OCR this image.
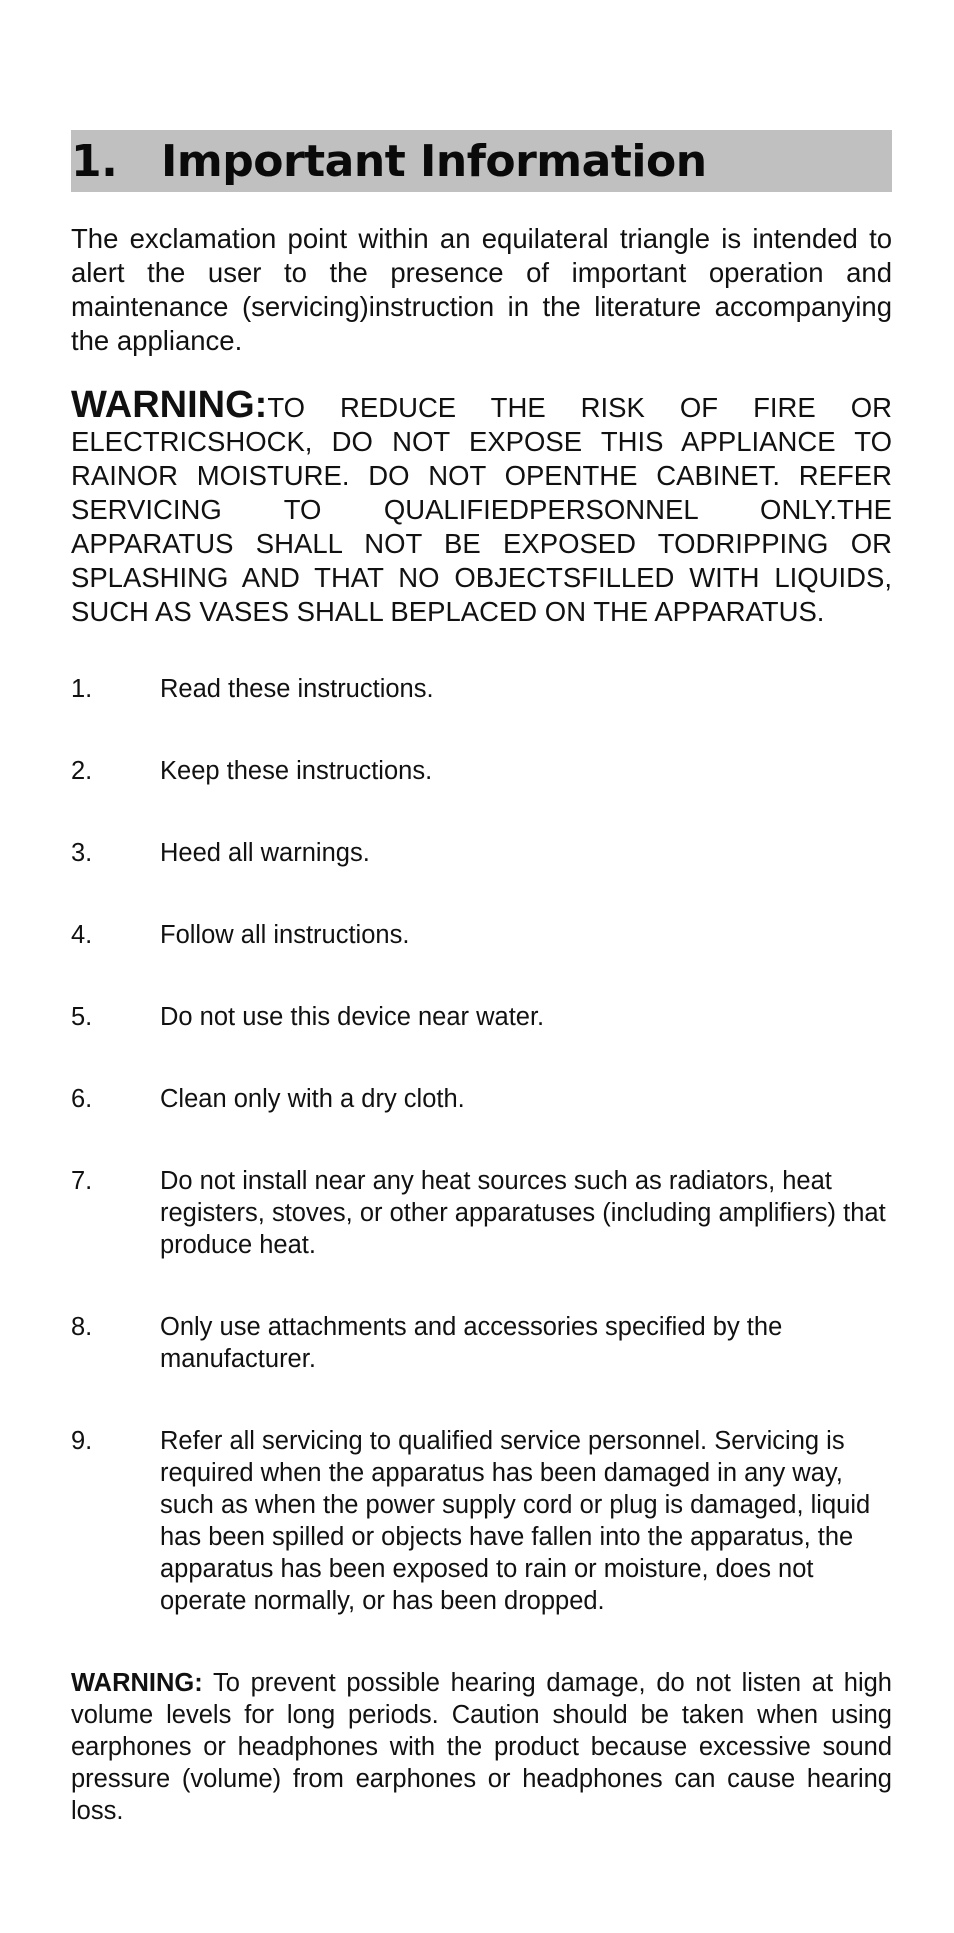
1. Important Information

The exclamation point within an equilateral triangle is intended to alert the user to the presence of important operation and maintenance (servicing)instruction in the literature accompanying the appliance.

WARNING:TO REDUCE THE RISK OF FIRE OR ELECTRICSHOCK, DO NOT EXPOSE THIS APPLIANCE TO RAINOR MOISTURE. DO NOT OPENTHE CABINET. REFER SERVICING TO QUALIFIEDPERSONNEL ONLY.THE APPARATUS SHALL NOT BE EXPOSED TODRIPPING OR SPLASHING AND THAT NO OBJECTSFILLED WITH LIQUIDS, SUCH AS VASES SHALL BEPLACED ON THE APPARATUS.

1.	Read these instructions.
2.	Keep these instructions.
3.	Heed all warnings.
4.	Follow all instructions.
5.	Do not use this device near water.
6.	Clean only with a dry cloth.
7.	Do not install near any heat sources such as radiators, heat registers, stoves, or other apparatuses (including amplifiers) that produce heat.
8.	Only use attachments and accessories specified by the manufacturer.
9.	Refer all servicing to qualified service personnel. Servicing is required when the apparatus has been damaged in any way, such as when the power supply cord or plug is damaged, liquid has been spilled or objects have fallen into the apparatus, the apparatus has been exposed to rain or moisture, does not operate normally, or has been dropped.

WARNING: To prevent possible hearing damage, do not listen at high volume levels for long periods. Caution should be taken when using earphones or headphones with the product because excessive sound pressure (volume) from earphones or headphones can cause hearing loss.
